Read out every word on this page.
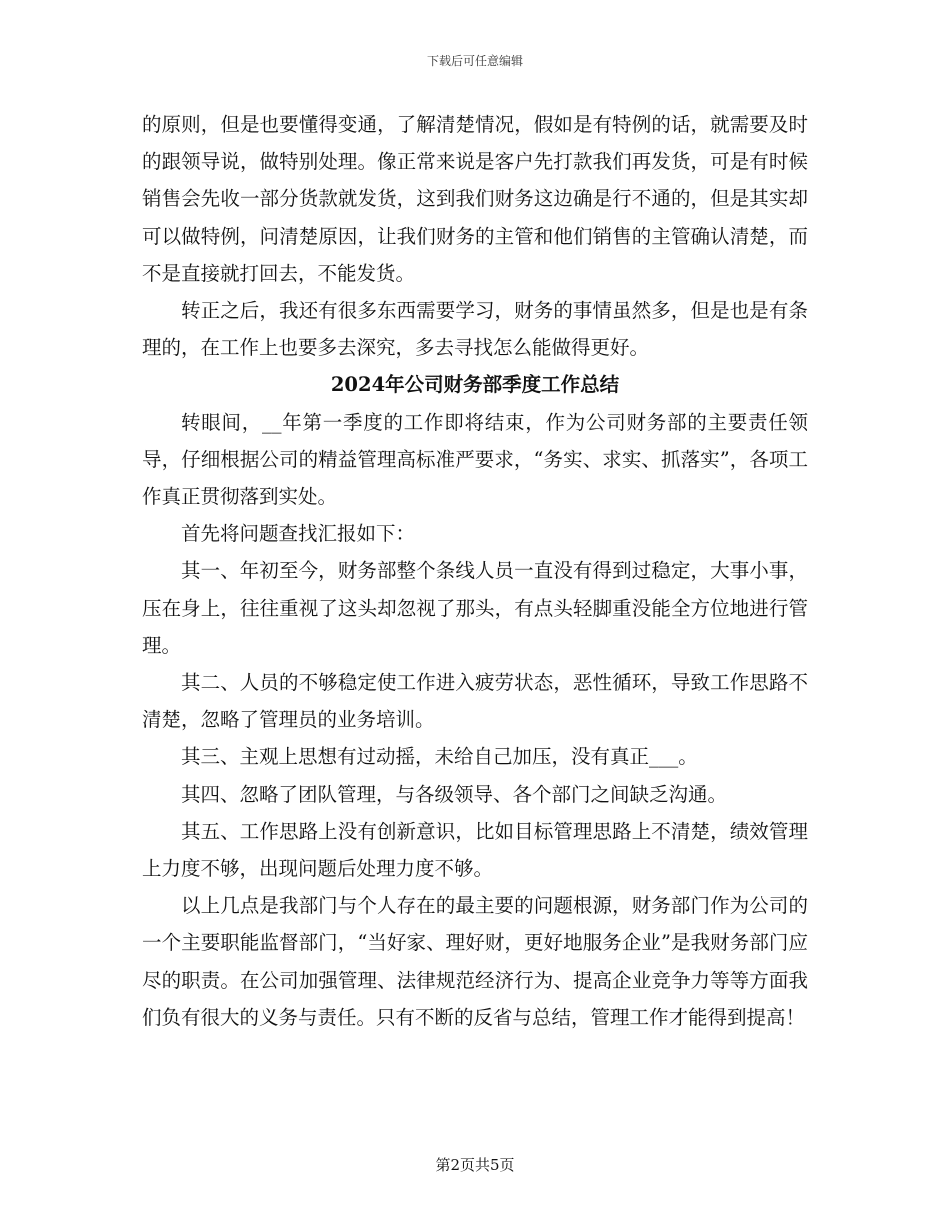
下载后可任意编辑

的原则，但是也要懂得变通，了解清楚情况，假如是有特例的话，就需要及时的跟领导说，做特别处理。像正常来说是客户先打款我们再发货，可是有时候销售会先收一部分货款就发货，这到我们财务这边确是行不通的，但是其实却可以做特例，问清楚原因，让我们财务的主管和他们销售的主管确认清楚，而不是直接就打回去，不能发货。

转正之后，我还有很多东西需要学习，财务的事情虽然多，但是也是有条理的，在工作上也要多去深究，多去寻找怎么能做得更好。

2024年公司财务部季度工作总结

转眼间，__年第一季度的工作即将结束，作为公司财务部的主要责任领导，仔细根据公司的精益管理高标准严要求，“务实、求实、抓落实”，各项工作真正贯彻落到实处。

首先将问题查找汇报如下：

其一、年初至今，财务部整个条线人员一直没有得到过稳定，大事小事，压在身上，往往重视了这头却忽视了那头，有点头轻脚重没能全方位地进行管理。

其二、人员的不够稳定使工作进入疲劳状态，恶性循环，导致工作思路不清楚，忽略了管理员的业务培训。

其三、主观上思想有过动摇，未给自己加压，没有真正___。

其四、忽略了团队管理，与各级领导、各个部门之间缺乏沟通。

其五、工作思路上没有创新意识，比如目标管理思路上不清楚，绩效管理上力度不够，出现问题后处理力度不够。

以上几点是我部门与个人存在的最主要的问题根源，财务部门作为公司的一个主要职能监督部门，“当好家、理好财，更好地服务企业”是我财务部门应尽的职责。在公司加强管理、法律规范经济行为、提高企业竞争力等等方面我们负有很大的义务与责任。只有不断的反省与总结，管理工作才能得到提高！

第2页共5页
